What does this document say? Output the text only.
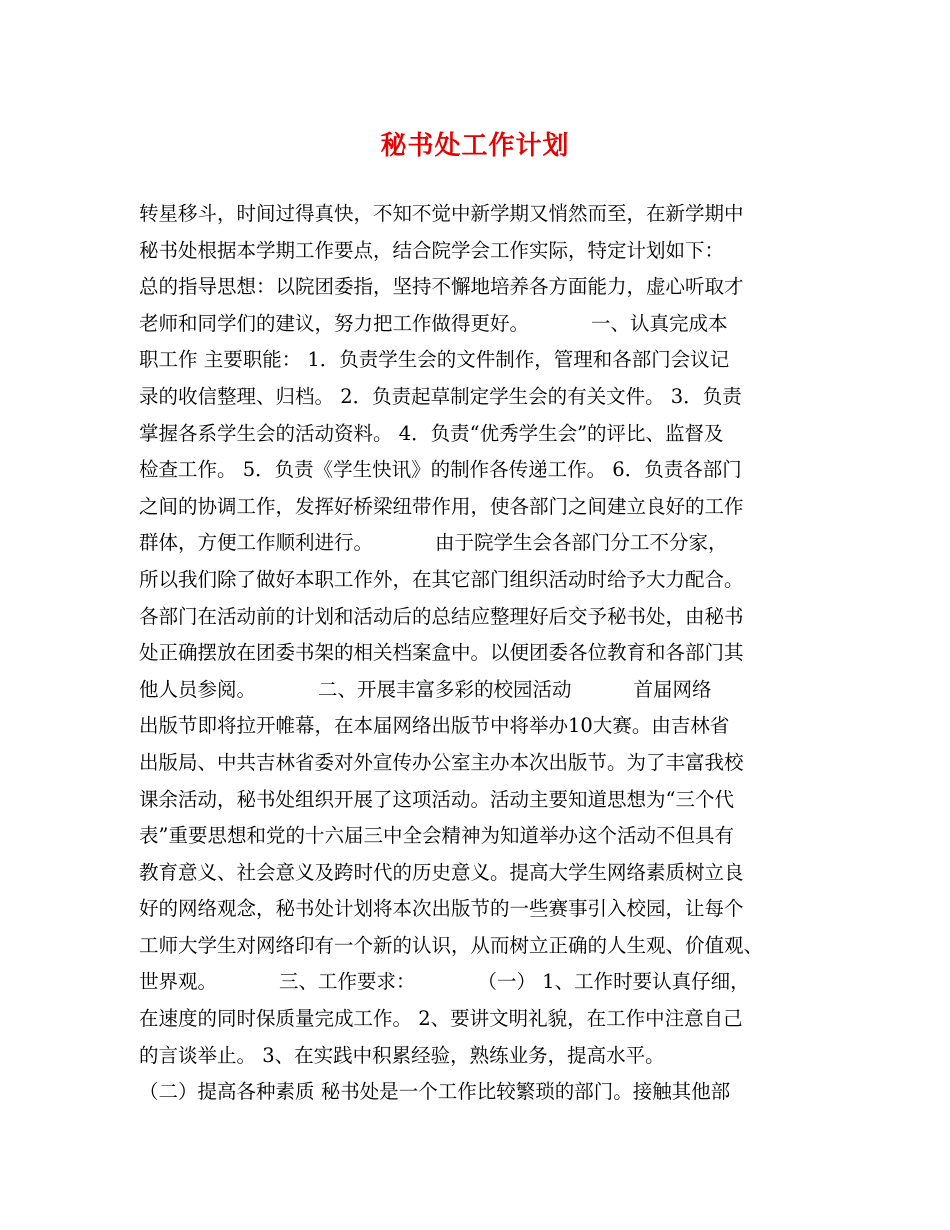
秘书处工作计划
转星移斗，时间过得真快，不知不觉中新学期又悄然而至，在新学期中
秘书处根据本学期工作要点，结合院学会工作实际，特定计划如下：
总的指导思想：以院团委指，坚持不懈地培养各方面能力，虚心听取才
老师和同学们的建议，努力把工作做得更好。          一、认真完成本
职工作 主要职能： 1．负责学生会的文件制作，管理和各部门会议记
录的收信整理、归档。 2．负责起草制定学生会的有关文件。 3．负责
掌握各系学生会的活动资料。 4．负责“优秀学生会”的评比、监督及
检查工作。 5．负责《学生快讯》的制作各传递工作。 6．负责各部门
之间的协调工作，发挥好桥梁纽带作用，使各部门之间建立良好的工作
群体，方便工作顺利进行。          由于院学生会各部门分工不分家，
所以我们除了做好本职工作外，在其它部门组织活动时给予大力配合。
各部门在活动前的计划和活动后的总结应整理好后交予秘书处，由秘书
处正确摆放在团委书架的相关档案盒中。以便团委各位教育和各部门其
他人员参阅。          二、开展丰富多彩的校园活动          首届网络
出版节即将拉开帷幕，在本届网络出版节中将举办10大赛。由吉林省
出版局、中共吉林省委对外宣传办公室主办本次出版节。为了丰富我校
课余活动，秘书处组织开展了这项活动。活动主要知道思想为“三个代
表”重要思想和党的十六届三中全会精神为知道举办这个活动不但具有
教育意义、社会意义及跨时代的历史意义。提高大学生网络素质树立良
好的网络观念，秘书处计划将本次出版节的一些赛事引入校园，让每个
工师大学生对网络印有一个新的认识，从而树立正确的人生观、价值观、
世界观。          三、工作要求：          （一） 1、工作时要认真仔细，
在速度的同时保质量完成工作。 2、要讲文明礼貌，在工作中注意自己
的言谈举止。 3、在实践中积累经验，熟练业务，提高水平。
（二）提高各种素质 秘书处是一个工作比较繁琐的部门。接触其他部
